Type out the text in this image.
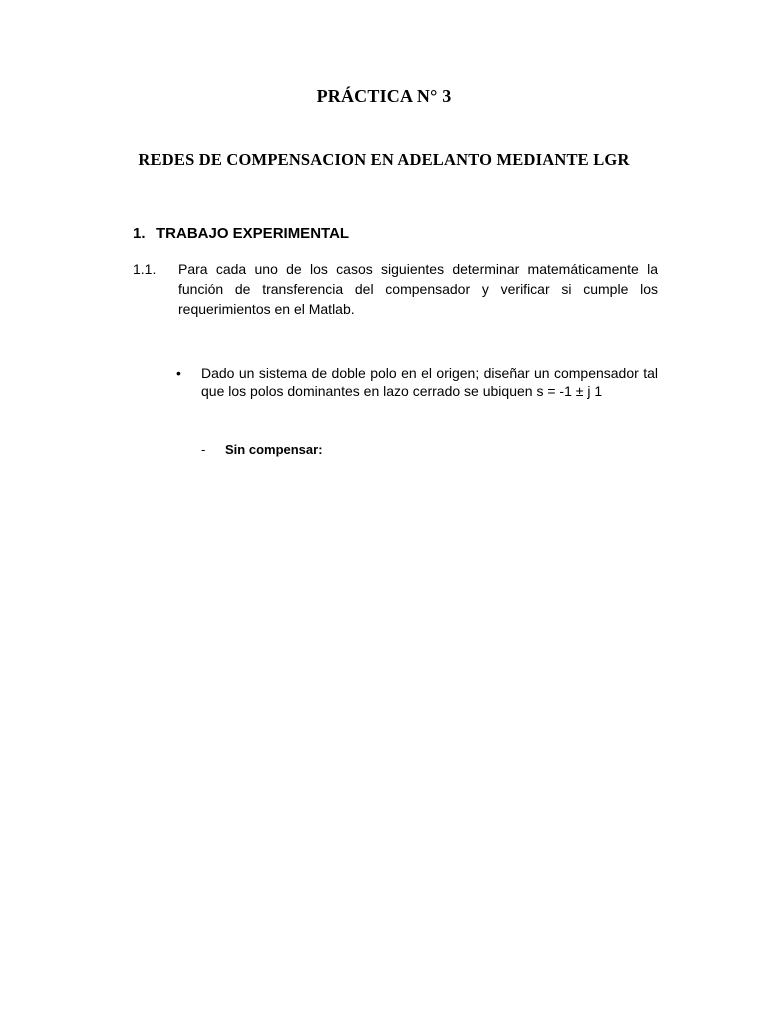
PRÁCTICA N° 3
REDES DE COMPENSACION EN ADELANTO MEDIANTE LGR
1. TRABAJO EXPERIMENTAL
1.1. Para cada uno de los casos siguientes determinar matemáticamente la función de transferencia del compensador y verificar si cumple los requerimientos en el Matlab.
• Dado un sistema de doble polo en el origen; diseñar un compensador tal que los polos dominantes en lazo cerrado se ubiquen s = -1 ± j 1
- Sin compensar:
